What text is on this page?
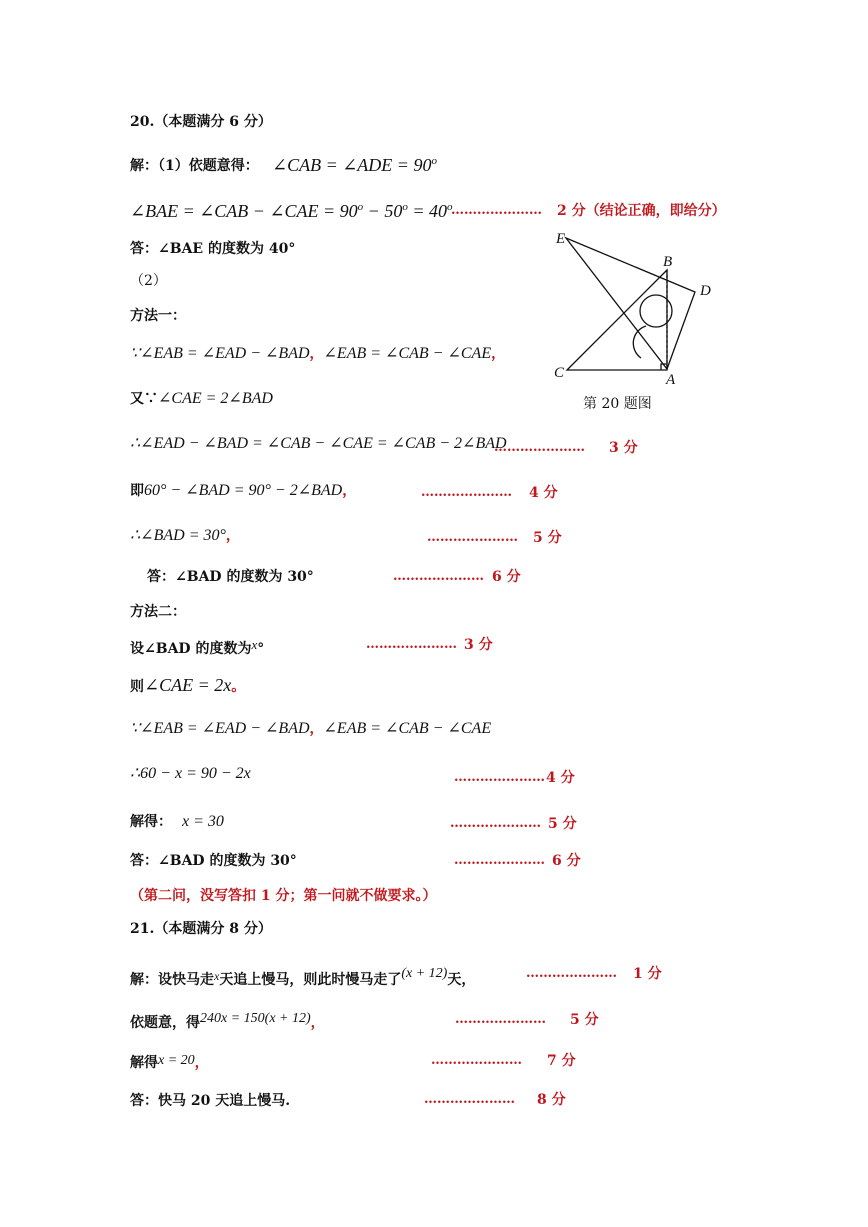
20.（本题满分 6 分）
解：（1）依题意得： ∠CAB = ∠ADE = $90^o$
∠BAE = ∠CAB − ∠CAE = $90^o - 50^o = 40^o$
………………… 2 分（结论正确，即给分）
答：∠BAE 的度数为 40°
（2）
方法一：
∵∠EAB = ∠EAD − ∠BAD，∠EAB = ∠CAB − ∠CAE，
又∵∠CAE = 2∠BAD
∴∠EAD − ∠BAD = ∠CAB − ∠CAE = ∠CAB − 2∠BAD
………………… 3 分
即60° − ∠BAD = 90° − 2∠BAD，	………………… 4 分
∴∠BAD = 30°，	………………… 5 分
答：∠BAD 的度数为 30°	………………… 6 分
方法二：
设∠BAD 的度数为x°	………………… 3 分
则∠CAE = 2x。
∵∠EAB = ∠EAD − ∠BAD，∠EAB = ∠CAB − ∠CAE
∴60 − x = 90 − 2x	………………… 4 分
解得： x = 30	………………… 5 分
答：∠BAD 的度数为 30°	………………… 6 分
（第二问，没写答扣 1 分；第一问就不做要求。）
E
B
D
C	A
第 20 题图
21.（本题满分 8 分）
解：设快马走x天追上慢马，则此时慢马走了(x + 12)天，	………………… 1 分
依题意，得240x = 150(x + 12)，	………………… 5 分
解得x = 20，	………………… 7 分
答：快马 20 天追上慢马.	………………… 8 分
